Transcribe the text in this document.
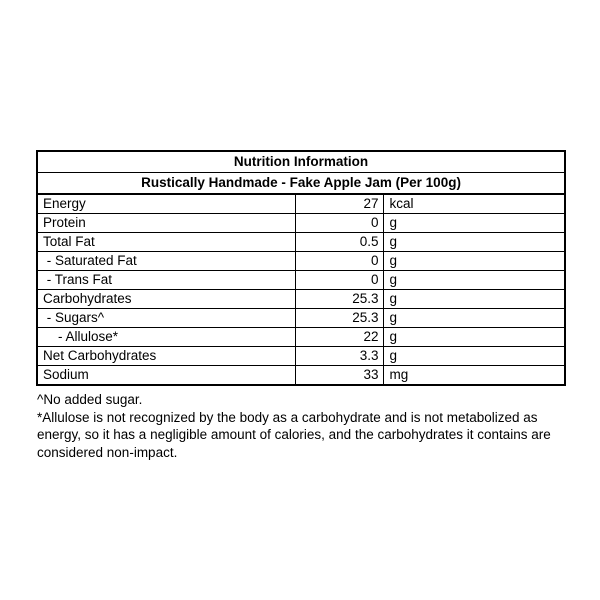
Nutrition Information		
Rustically Handmade - Fake Apple Jam (Per 100g)		
Energy	27	kcal
Protein	0	g
Total Fat	0.5	g
- Saturated Fat	0	g
- Trans Fat	0	g
Carbohydrates	25.3	g
- Sugars^	25.3	g
- Allulose*	22	g
Net Carbohydrates	3.3	g
Sodium	33	mg

^No added sugar.

*Allulose is not recognized by the body as a carbohydrate and is not metabolized as energy, so it has a negligible amount of calories, and the carbohydrates it contains are considered non-impact.
